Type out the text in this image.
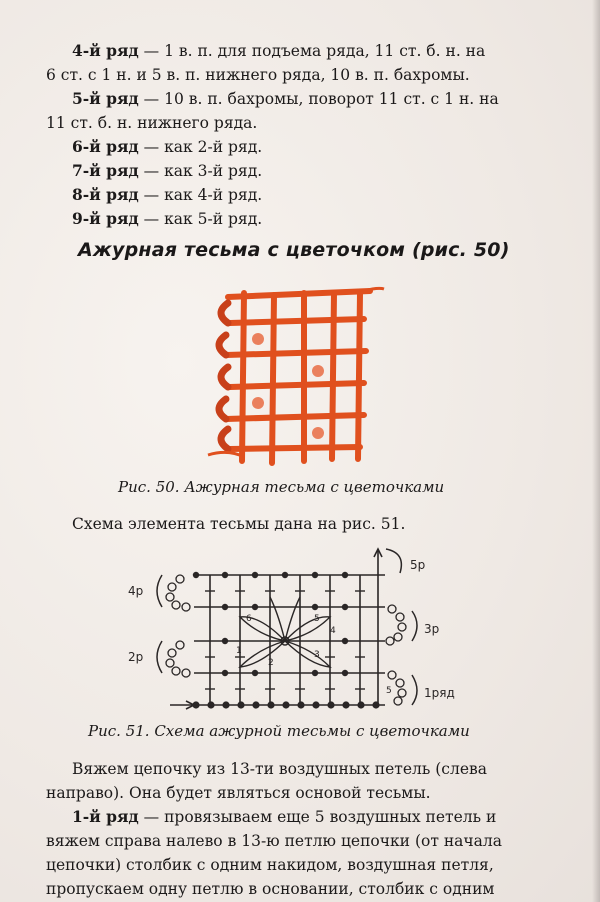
4-й ряд — 1 в. п. для подъема ряда, 11 ст. б. н. на
6 ст. с 1 н. и 5 в. п. нижнего ряда, 10 в. п. бахромы.
5-й ряд — 10 в. п. бахромы, поворот 11 ст. с 1 н. на
11 ст. б. н. нижнего ряда.
6-й ряд — как 2-й ряд.
7-й ряд — как 3-й ряд.
8-й ряд — как 4-й ряд.
9-й ряд — как 5-й ряд.
Ажурная тесьма с цветочком (рис. 50)
Рис. 50. Ажурная тесьма с цветочками
Схема элемента тесьмы дана на рис. 51.
5р
4р
3р
2р
1ряд
1
2
3
4
5
6
5
Рис. 51. Схема ажурной тесьмы с цветочками
Вяжем цепочку из 13-ти воздушных петель (слева
направо). Она будет являться основой тесьмы.
1-й ряд — провязываем еще 5 воздушных петель и
вяжем справа налево в 13-ю петлю цепочки (от начала
цепочки) столбик с одним накидом, воздушная петля,
пропускаем одну петлю в основании, столбик с одним
